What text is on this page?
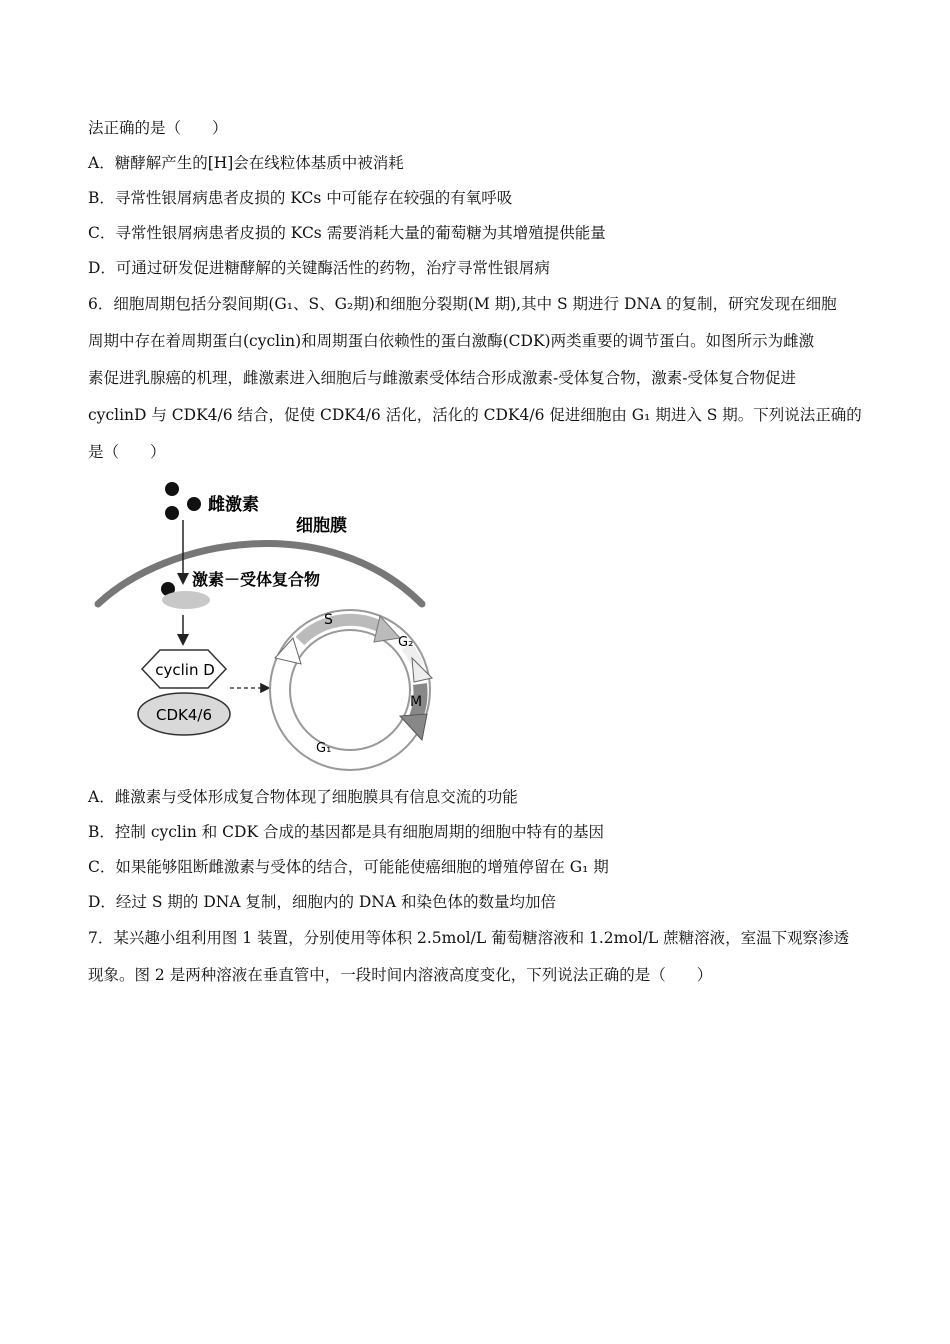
法正确的是（　　）
A．糖酵解产生的[H]会在线粒体基质中被消耗
B．寻常性银屑病患者皮损的 KCs 中可能存在较强的有氧呼吸
C．寻常性银屑病患者皮损的 KCs 需要消耗大量的葡萄糖为其增殖提供能量
D．可通过研发促进糖酵解的关键酶活性的药物，治疗寻常性银屑病
6．细胞周期包括分裂间期(G₁、S、G₂期)和细胞分裂期(M 期),其中 S 期进行 DNA 的复制，研究发现在细胞
周期中存在着周期蛋白(cyclin)和周期蛋白依赖性的蛋白激酶(CDK)两类重要的调节蛋白。如图所示为雌激
素促进乳腺癌的机理，雌激素进入细胞后与雌激素受体结合形成激素-受体复合物，激素-受体复合物促进
cyclinD 与 CDK4/6 结合，促使 CDK4/6 活化，活化的 CDK4/6 促进细胞由 G₁ 期进入 S 期。下列说法正确的
是（　　）
雌激素
细胞膜
激素－受体复合物
cyclin D
CDK4/6
S
G₂
M
G₁
A．雌激素与受体形成复合物体现了细胞膜具有信息交流的功能
B．控制 cyclin 和 CDK 合成的基因都是具有细胞周期的细胞中特有的基因
C．如果能够阻断雌激素与受体的结合，可能能使癌细胞的增殖停留在 G₁ 期
D．经过 S 期的 DNA 复制，细胞内的 DNA 和染色体的数量均加倍
7．某兴趣小组利用图 1 装置，分别使用等体积 2.5mol/L 葡萄糖溶液和 1.2mol/L 蔗糖溶液，室温下观察渗透
现象。图 2 是两种溶液在垂直管中，一段时间内溶液高度变化，下列说法正确的是（　　）
